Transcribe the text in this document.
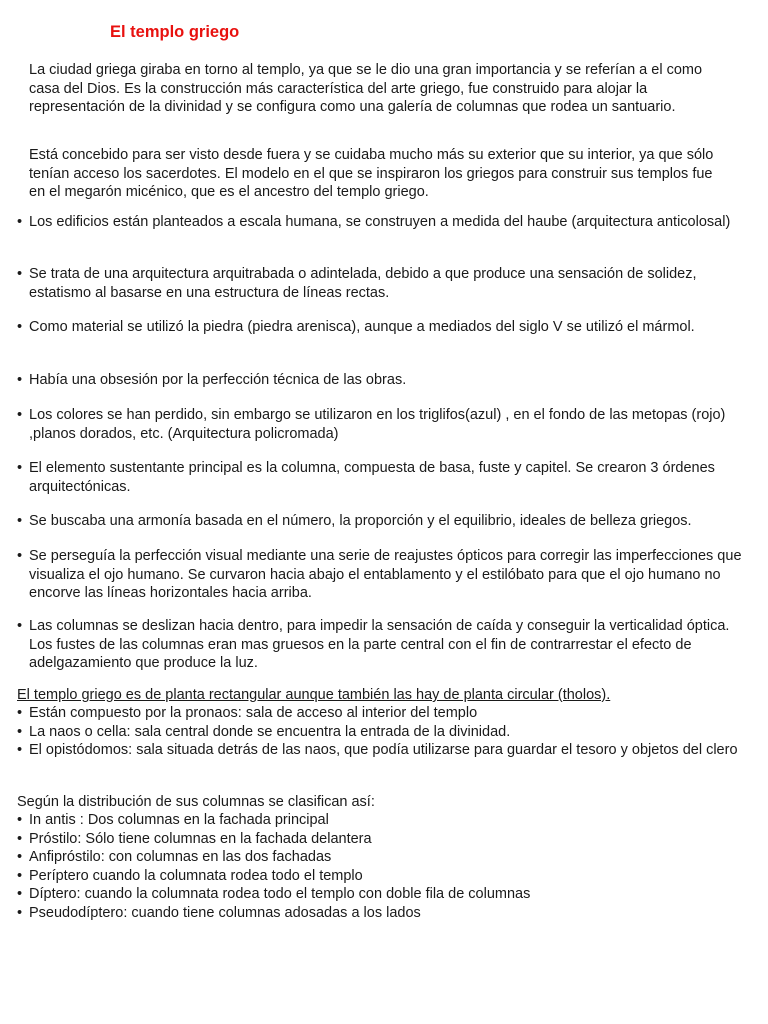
El templo griego

La ciudad griega giraba en torno al templo, ya que se le dio una gran importancia y se referían a el como casa del Dios. Es la construcción más característica del arte griego, fue construido para alojar la representación de la divinidad y se configura como una galería de columnas que rodea un santuario.

Está concebido para ser visto desde fuera y se cuidaba mucho más su exterior que su interior, ya que sólo tenían acceso los sacerdotes. El modelo en el que se inspiraron los griegos para construir sus templos fue en el megarón micénico, que es el ancestro del templo griego.

• Los edificios están planteados a escala humana, se construyen a medida del haube (arquitectura anticolosal)

• Se trata de una arquitectura arquitrabada o adintelada, debido a que produce una sensación de solidez, estatismo al basarse en una estructura de líneas rectas.

• Como material se utilizó la piedra (piedra arenisca), aunque a mediados del siglo V se utilizó el mármol.

• Había una obsesión por la perfección técnica de las obras.

• Los colores se han perdido, sin embargo se utilizaron en los triglifos(azul) , en el fondo de las metopas (rojo) ,planos dorados, etc. (Arquitectura policromada)

• El elemento sustentante principal es la columna, compuesta de basa, fuste y capitel. Se crearon 3 órdenes arquitectónicas.

• Se buscaba una armonía basada en el número, la proporción y el equilibrio, ideales de belleza griegos.

• Se perseguía la perfección visual mediante una serie de reajustes ópticos para corregir las imperfecciones que visualiza el ojo humano. Se curvaron hacia abajo el entablamento y el estilóbato para que el ojo humano no encorve las líneas horizontales hacia arriba.

• Las columnas se deslizan hacia dentro, para impedir la sensación de caída y conseguir la verticalidad óptica. Los fustes de las columnas eran mas gruesos en la parte central con el fin de contrarrestar el efecto de adelgazamiento que produce la luz.

El templo griego es de planta rectangular aunque también las hay de planta circular (tholos).

• Están compuesto por la pronaos: sala de acceso al interior del templo
• La naos o cella: sala central donde se encuentra la entrada de la divinidad.
• El opistódomos: sala situada detrás de las naos, que podía utilizarse para guardar el tesoro y objetos del clero

Según la distribución de sus columnas se clasifican así:

• In antis : Dos columnas en la fachada principal
• Próstilo: Sólo tiene columnas en la fachada delantera
• Anfipróstilo: con columnas en las dos fachadas
• Períptero cuando la columnata rodea todo el templo
• Díptero: cuando la columnata rodea todo el templo con doble fila de columnas
• Pseudodíptero: cuando tiene columnas adosadas a los lados
